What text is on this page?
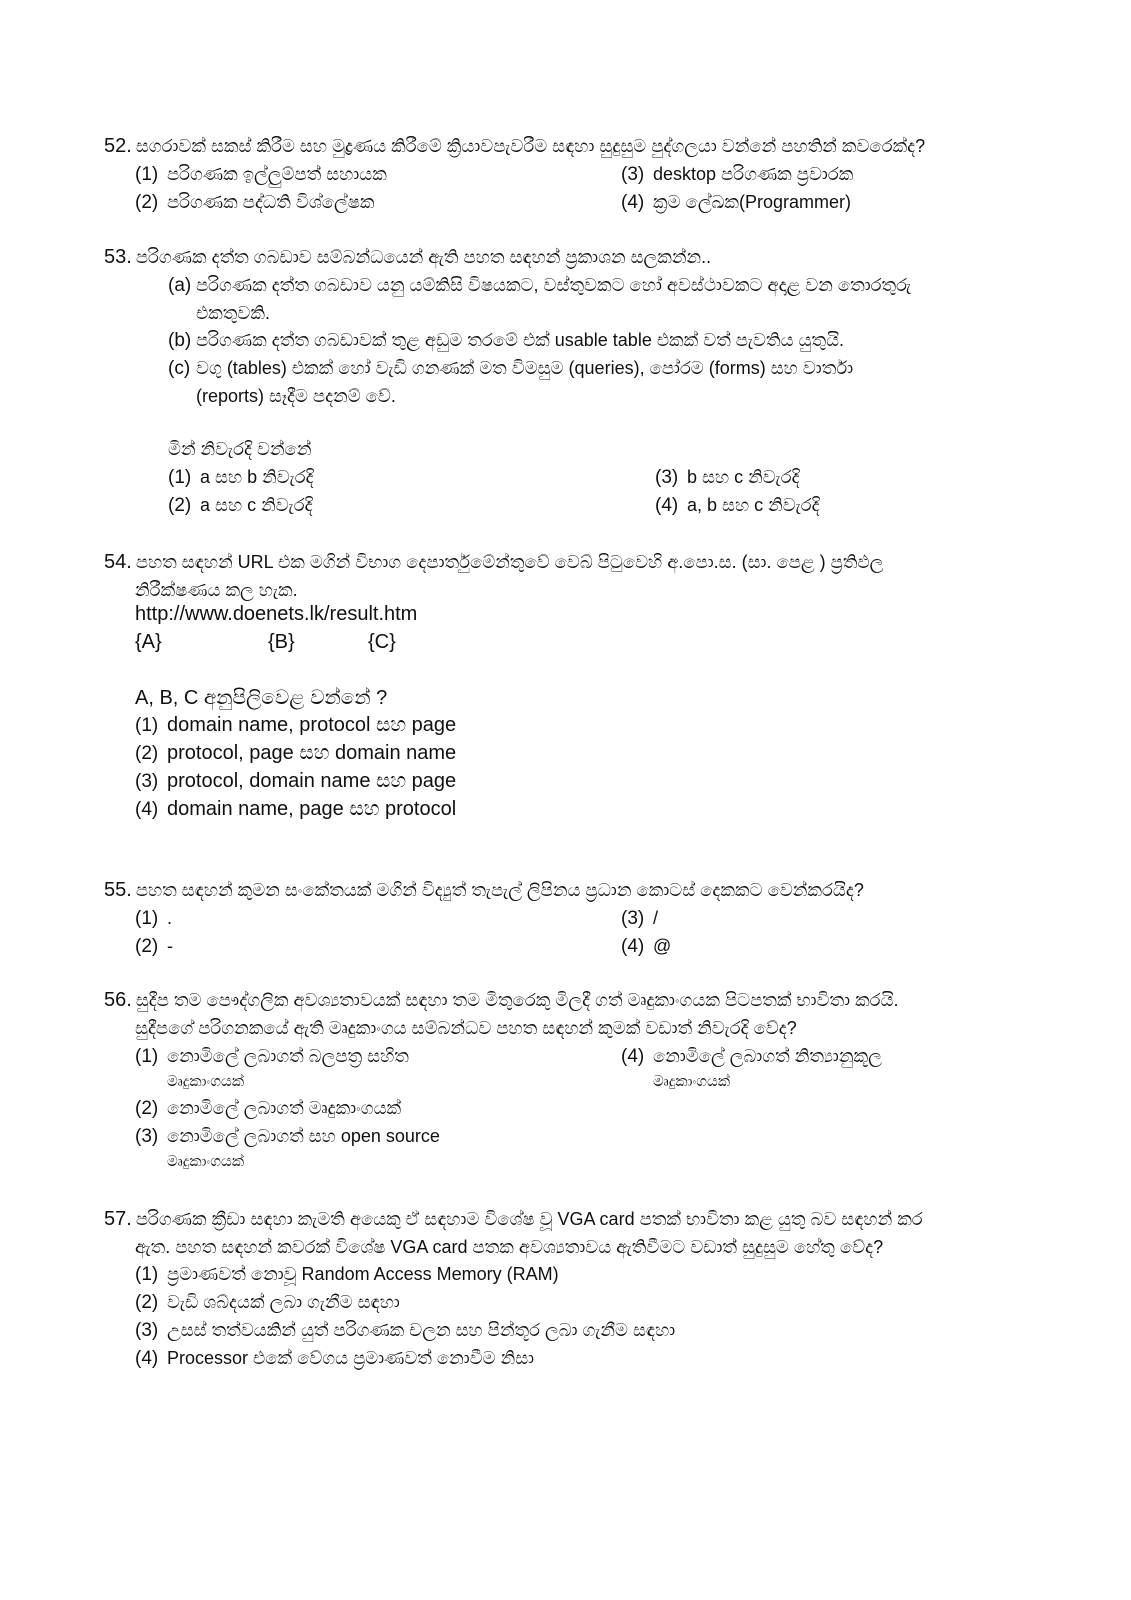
52. සගරාවක් සකස් කිරීම සහ මුද්‍රණය කිරීමේ ක්‍රියාවපැවරීම සඳහා සුදුසුම පුද්ගලයා වන්නේ පහතින් කවරෙක්ද?
(1) පරිගණක ඉල්ලුම්පත් සහායක
(2) පරිගණක පද්ධති විශ්ලේෂක
(3) desktop පරිගණක ප්‍රවාරක
(4) ක්‍රම ලේඛක(Programmer)
53. පරිගණක දත්ත ගබඩාව සම්බන්ධයෙන් ඇති පහත සඳහන් ප්‍රකාශන සලකන්න..
(a) පරිගණක දත්ත ගබඩාව යනු යම්කිසි විෂයකට, වස්තුවකට හෝ අවස්ථාවකට අදාළ වන තොරතුරු
එකතුවකි.
(b) පරිගණක දත්ත ගබඩාවක් තුළ අඩුම තරමේ එක් usable table එකක් වත් පැවතිය යුතුයි.
(c) වගු (tables) එකක් හෝ වැඩි ගනණක් මත විමසුම (queries), පෝරම (forms) සහ වාර්තා
(reports) සෑදීම පදනම් වේ.
මින් නිවැරදි වන්නේ
(1) a සහ b නිවැරදි
(2) a සහ c නිවැරදි
(3) b සහ c නිවැරදි
(4) a, b සහ c නිවැරදි
54. පහත සඳහන් URL එක මගින් විභාග දෙපාර්තුමේන්තුවේ වෙබ් පිටුවෙහි අ.පො.ස. (සා. පෙළ ) ප්‍රතිඵල
නිරීක්ෂණය කල හැක.
http://www.doenets.lk/result.htm
{A}	{B}	{C}
A, B, C අනුපිලිවෙළ වන්නේ ?
(1) domain name, protocol සහ page
(2) protocol, page සහ domain name
(3) protocol, domain name සහ page
(4) domain name, page සහ protocol
55. පහත සඳහන් කුමන සංකේතයක් මගින් විද්‍යුත් තැපැල් ලිපිනය ප්‍රධාන කොටස් දෙකකට වෙන්කරයිද?
(1) .
(2) -
(3) /
(4) @
56. සුදීප තම පෞද්ගලික අවශ්‍යතාවයක් සඳහා තම මිතුරෙකු මිලදී ගත් මෘදුකාංගයක පිටපතක් භාවිතා කරයි.
සුදීපගේ පරිගනකයේ ඇති මෘදුකාංගය සම්බන්ධව පහත සඳහන් කුමක් වඩාත් නිවැරදි වේද?
(1) නොමිලේ ලබාගත් බලපත්‍ර සහිත
මෘදුකාංගයක්
(2) නොමිලේ ලබාගත් මෘදුකාංගයක්
(3) නොමිලේ ලබාගත් සහ open source
මෘදුකාංගයක්
(4) නොමිලේ ලබාගත් නිත්‍යානුකූල
මෘදුකාංගයක්
57. පරිගණක ක්‍රීඩා සඳහා කැමති අයෙකු ඒ සඳහාම විශේෂ වූ VGA card පතක් භාවිතා කළ යුතු බව සඳහන් කර
ඇත. පහත සඳහන් කවරක් විශේෂ VGA card පතක අවශ්‍යතාවය ඇතිවීමට වඩාත් සුදුසුම හේතු වේද?
(1) ප්‍රමාණවත් නොවූ Random Access Memory (RAM)
(2) වැඩි ශබ්දයක් ලබා ගැනීම සඳහා
(3) උසස් තත්වයකින් යුත් පරිගණක චලන සහ පින්තූර ලබා ගැනීම සඳහා
(4) Processor එකේ වේගය ප්‍රමාණවත් නොවීම නිසා
